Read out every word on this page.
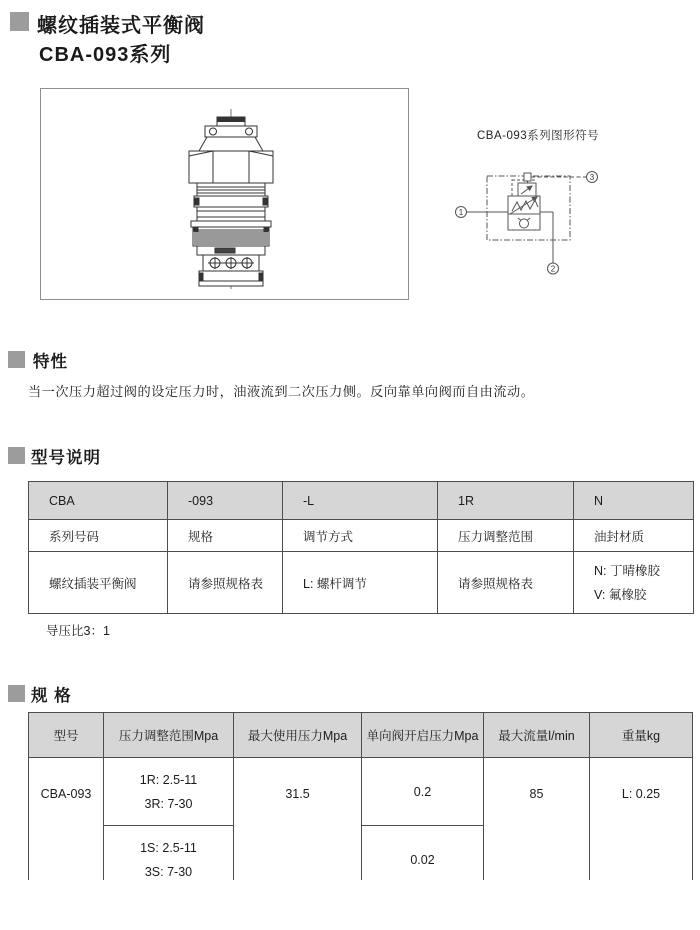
螺纹插装式平衡阀
CBA-093系列
CBA-093系列图形符号
1
2
3
特性
当一次压力超过阀的设定压力时，油液流到二次压力侧。反向靠单向阀而自由流动。
型号说明
CBA	-093	-L	1R	N
系列号码	规格	调节方式	压力调整范围	油封材质
螺纹插装平衡阀	请参照规格表	L: 螺杆调节	请参照规格表	N: 丁晴橡胶
V: 氟橡胶
导压比3：1
规 格
型号	压力调整范围Mpa	最大使用压力Mpa	单向阀开启压力Mpa	最大流量l/min	重量kg
CBA-093	1R: 2.5-11
3R: 7-30	31.5	0.2	85	L: 0.25

	1S: 2.5-11
3S: 7-30		0.02		
